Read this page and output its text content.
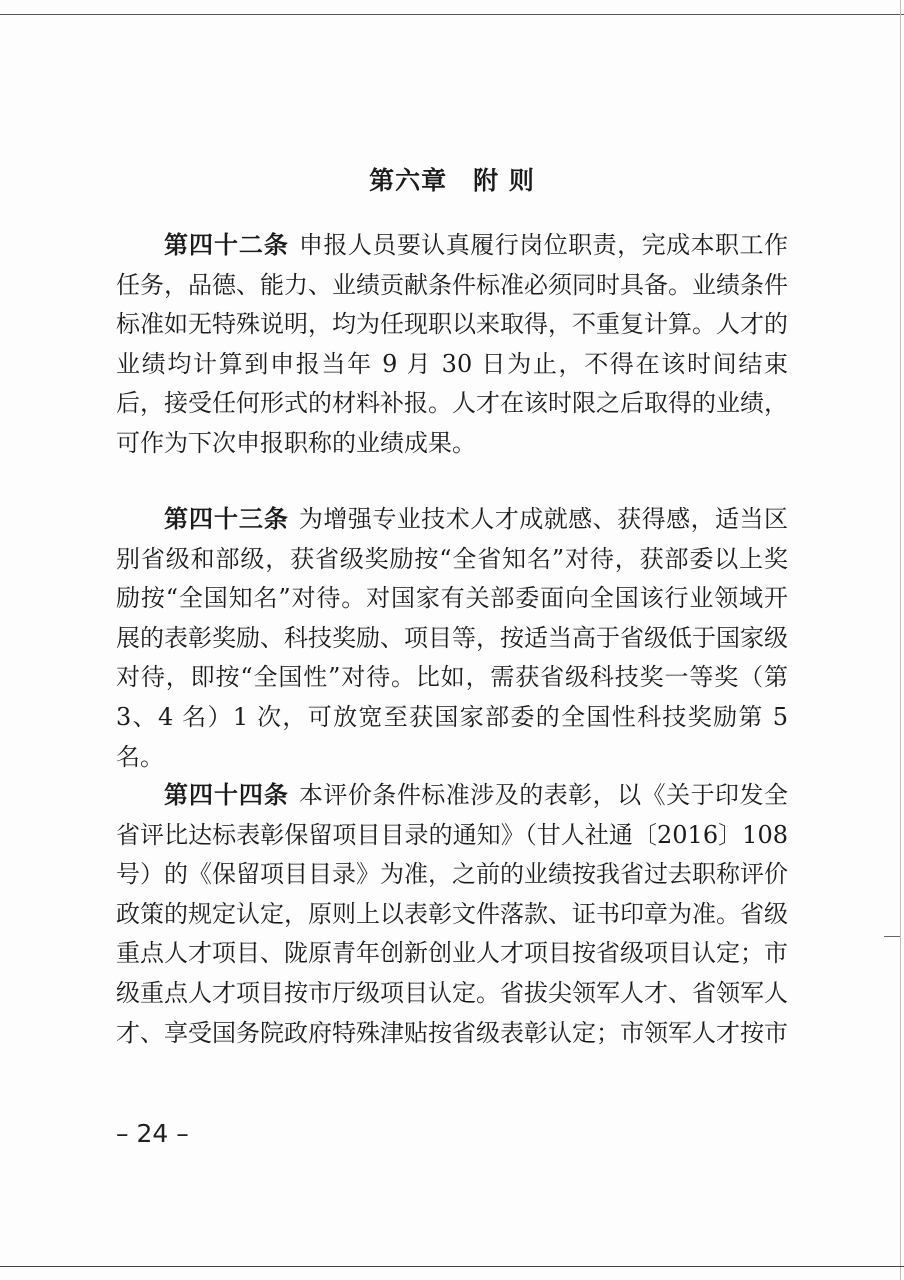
第六章　附 则

第四十二条 申报人员要认真履行岗位职责，完成本职工作任务，品德、能力、业绩贡献条件标准必须同时具备。业绩条件标准如无特殊说明，均为任现职以来取得，不重复计算。人才的业绩均计算到申报当年 9 月 30 日为止，不得在该时间结束后，接受任何形式的材料补报。人才在该时限之后取得的业绩，可作为下次申报职称的业绩成果。

第四十三条 为增强专业技术人才成就感、获得感，适当区别省级和部级，获省级奖励按“全省知名”对待，获部委以上奖励按“全国知名”对待。对国家有关部委面向全国该行业领域开展的表彰奖励、科技奖励、项目等，按适当高于省级低于国家级对待，即按“全国性”对待。比如，需获省级科技奖一等奖（第 3、4 名）1 次，可放宽至获国家部委的全国性科技奖励第 5 名。

第四十四条 本评价条件标准涉及的表彰，以《关于印发全省评比达标表彰保留项目目录的通知》（甘人社通〔2016〕108 号）的《保留项目目录》为准，之前的业绩按我省过去职称评价政策的规定认定，原则上以表彰文件落款、证书印章为准。省级重点人才项目、陇原青年创新创业人才项目按省级项目认定；市级重点人才项目按市厅级项目认定。省拔尖领军人才、省领军人才、享受国务院政府特殊津贴按省级表彰认定；市领军人才按市

– 24 –
